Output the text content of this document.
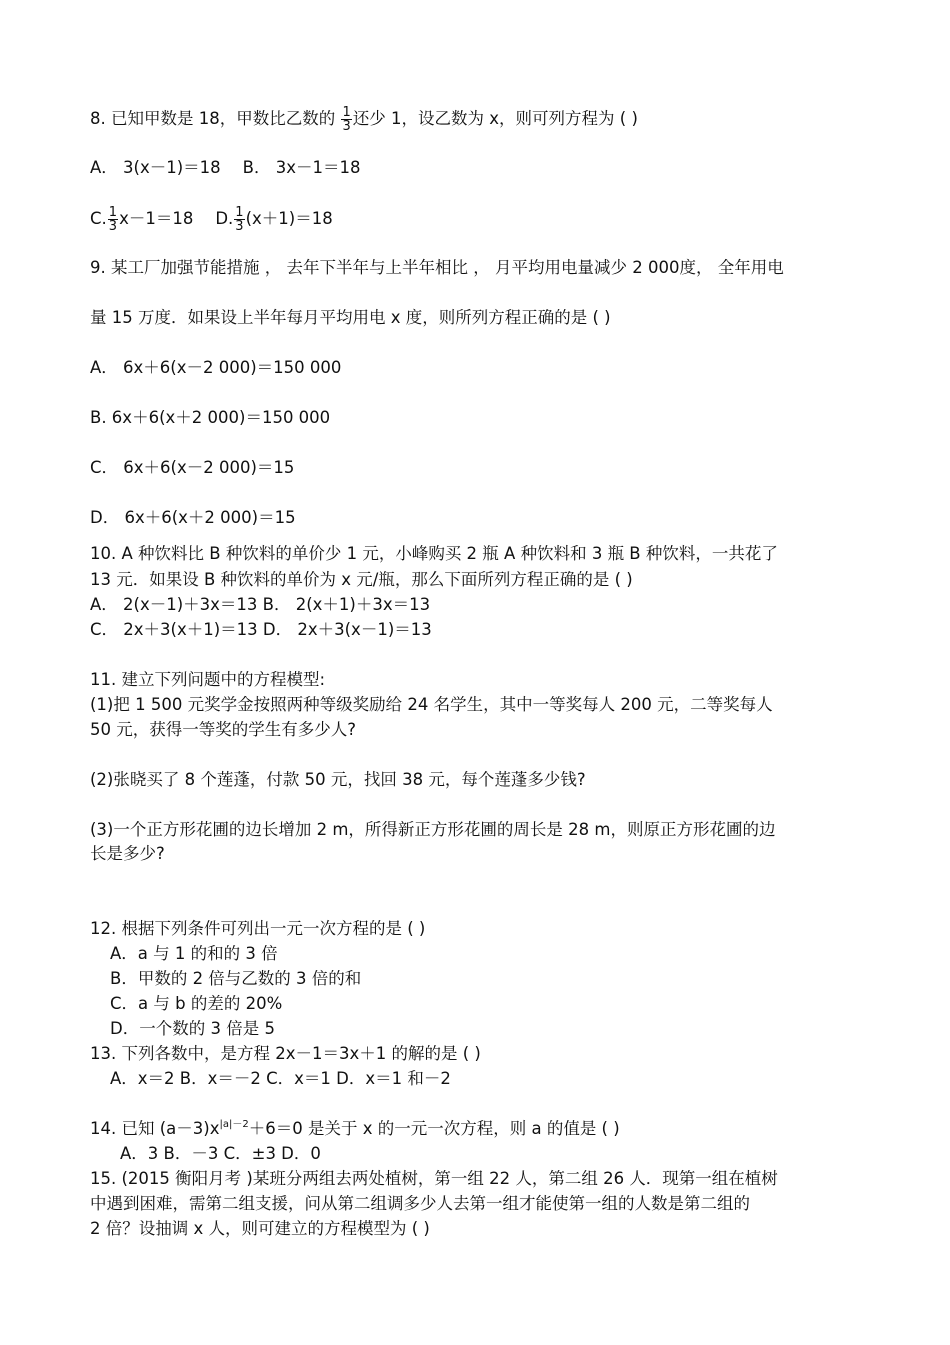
8. 已知甲数是 18，甲数比乙数的 $\frac{1}{3}$ 还少 1，设乙数为 x，则可列方程为 ( )
A． 3(x－1)＝18 B． 3x－1＝18
C. $\frac{1}{3} x-1=18$ D. $\frac{1}{3} (x+1)=18$
9. 某工厂加强节能措施 ， 去年下半年与上半年相比 ， 月平均用电量减少 2 000度， 全年用电
量 15 万度．如果设上半年每月平均用电 x 度，则所列方程正确的是 ( )
A． 6x＋6(x－2 000)＝150 000
B. 6x＋6(x＋2 000)＝150 000
C． 6x＋6(x－2 000)＝15
D． 6x＋6(x＋2 000)＝15
10. A 种饮料比 B 种饮料的单价少 1 元，小峰购买 2 瓶 A 种饮料和 3 瓶 B 种饮料，一共花了
13 元．如果设 B 种饮料的单价为 x 元/瓶，那么下面所列方程正确的是 ( )
A． 2(x－1)＋3x＝13 B． 2(x＋1)＋3x＝13
C． 2x＋3(x＋1)＝13 D． 2x＋3(x－1)＝13
11. 建立下列问题中的方程模型:
(1)把 1 500 元奖学金按照两种等级奖励给 24 名学生，其中一等奖每人 200 元，二等奖每人
50 元，获得一等奖的学生有多少人?
(2)张晓买了 8 个莲蓬，付款 50 元，找回 38 元，每个莲蓬多少钱?
(3)一个正方形花圃的边长增加 2 m，所得新正方形花圃的周长是 28 m，则原正方形花圃的边
长是多少?
12. 根据下列条件可列出一元一次方程的是 ( )
A．a 与 1 的和的 3 倍
B．甲数的 2 倍与乙数的 3 倍的和
C．a 与 b 的差的 20%
D．一个数的 3 倍是 5
13. 下列各数中，是方程 2x－1＝3x＋1 的解的是 ( )
A．x＝2 B．x＝－2 C．x＝1 D．x＝1 和－2
14. 已知 $(a-3)x^{|a|-2}+6=0$ 是关于 x 的一元一次方程，则 a 的值是 ( )
A．3 B．－3 C．±3 D．0
15. (2015 衡阳月考 )某班分两组去两处植树，第一组 22 人，第二组 26 人．现第一组在植树
中遇到困难，需第二组支援，问从第二组调多少人去第一组才能使第一组的人数是第二组的
2 倍？设抽调 x 人，则可建立的方程模型为 ( )
